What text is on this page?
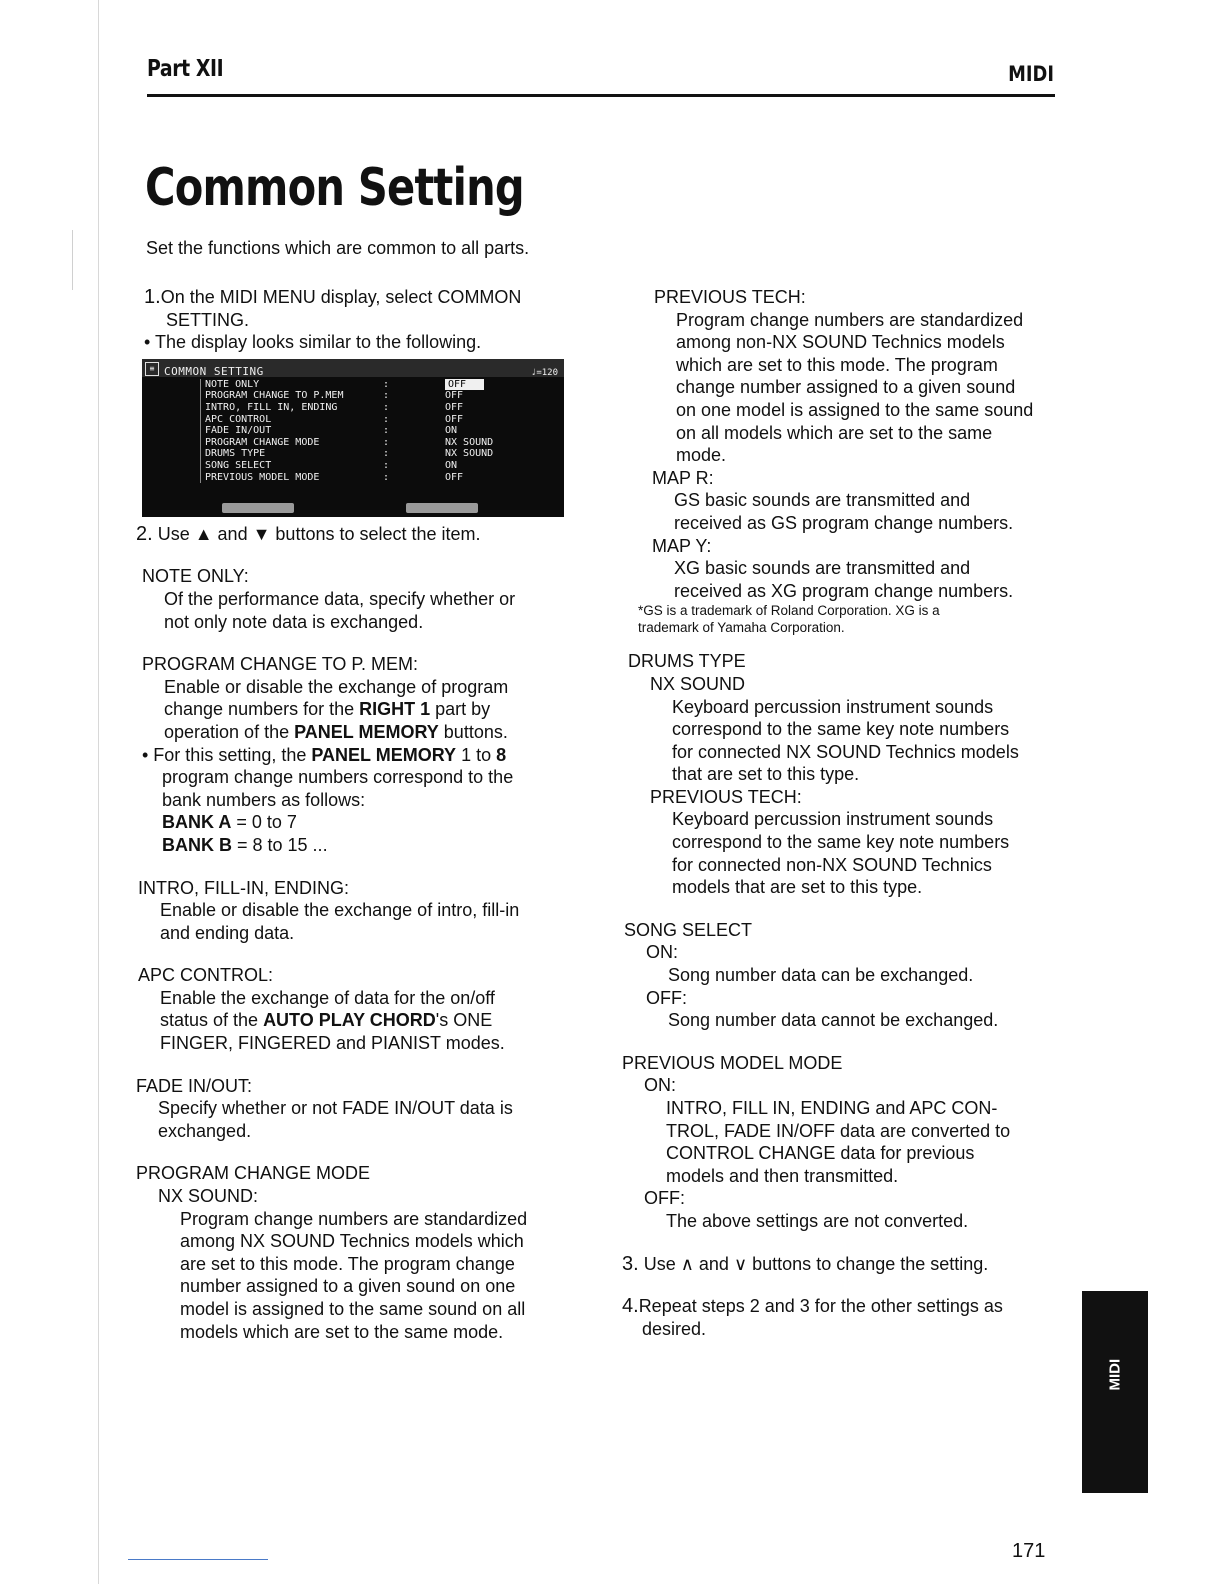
Part XII	MIDI
Common Setting
Set the functions which are common to all parts.

1.On the MIDI MENU display, select COMMON SETTING.

• The display looks similar to the following.

≡ COMMON SETTING	♩=120
NOTE ONLY	:	OFF
PROGRAM CHANGE TO P.MEM	:	OFF
INTRO, FILL IN, ENDING	:	OFF
APC CONTROL	:	OFF
FADE IN/OUT	:	ON
PROGRAM CHANGE MODE	:	NX SOUND
DRUMS TYPE	:	NX SOUND
SONG SELECT	:	ON
PREVIOUS MODEL MODE	:	OFF

2. Use ▲ and ▼ buttons to select the item.

NOTE ONLY:

Of the performance data, specify whether or

not only note data is exchanged.

PROGRAM CHANGE TO P. MEM:

Enable or disable the exchange of program

change numbers for the RIGHT 1 part by

operation of the PANEL MEMORY buttons.

• For this setting, the PANEL MEMORY 1 to 8

program change numbers correspond to the

bank numbers as follows:

BANK A = 0 to 7

BANK B = 8 to 15 ...

INTRO, FILL-IN, ENDING:

Enable or disable the exchange of intro, fill-in

and ending data.

APC CONTROL:

Enable the exchange of data for the on/off

status of the AUTO PLAY CHORD's ONE

FINGER, FINGERED and PIANIST modes.

FADE IN/OUT:

Specify whether or not FADE IN/OUT data is

exchanged.

PROGRAM CHANGE MODE

NX SOUND:

Program change numbers are standardized

among NX SOUND Technics models which

are set to this mode. The program change

number assigned to a given sound on one

model is assigned to the same sound on all

models which are set to the same mode.

PREVIOUS TECH:

Program change numbers are standardized

among non-NX SOUND Technics models

which are set to this mode. The program

change number assigned to a given sound

on one model is assigned to the same sound

on all models which are set to the same

mode.

MAP R:

GS basic sounds are transmitted and

received as GS program change numbers.

MAP Y:

XG basic sounds are transmitted and

received as XG program change numbers.

*GS is a trademark of Roland Corporation. XG is a

trademark of Yamaha Corporation.

DRUMS TYPE

NX SOUND

Keyboard percussion instrument sounds

correspond to the same key note numbers

for connected NX SOUND Technics models

that are set to this type.

PREVIOUS TECH:

Keyboard percussion instrument sounds

correspond to the same key note numbers

for connected non-NX SOUND Technics

models that are set to this type.

SONG SELECT

ON:

Song number data can be exchanged.

OFF:

Song number data cannot be exchanged.

PREVIOUS MODEL MODE

ON:

INTRO, FILL IN, ENDING and APC CON-

TROL, FADE IN/OFF data are converted to

CONTROL CHANGE data for previous

models and then transmitted.

OFF:

The above settings are not converted.

3. Use ∧ and ∨ buttons to change the setting.

4.Repeat steps 2 and 3 for the other settings as

desired.

MIDI
171
